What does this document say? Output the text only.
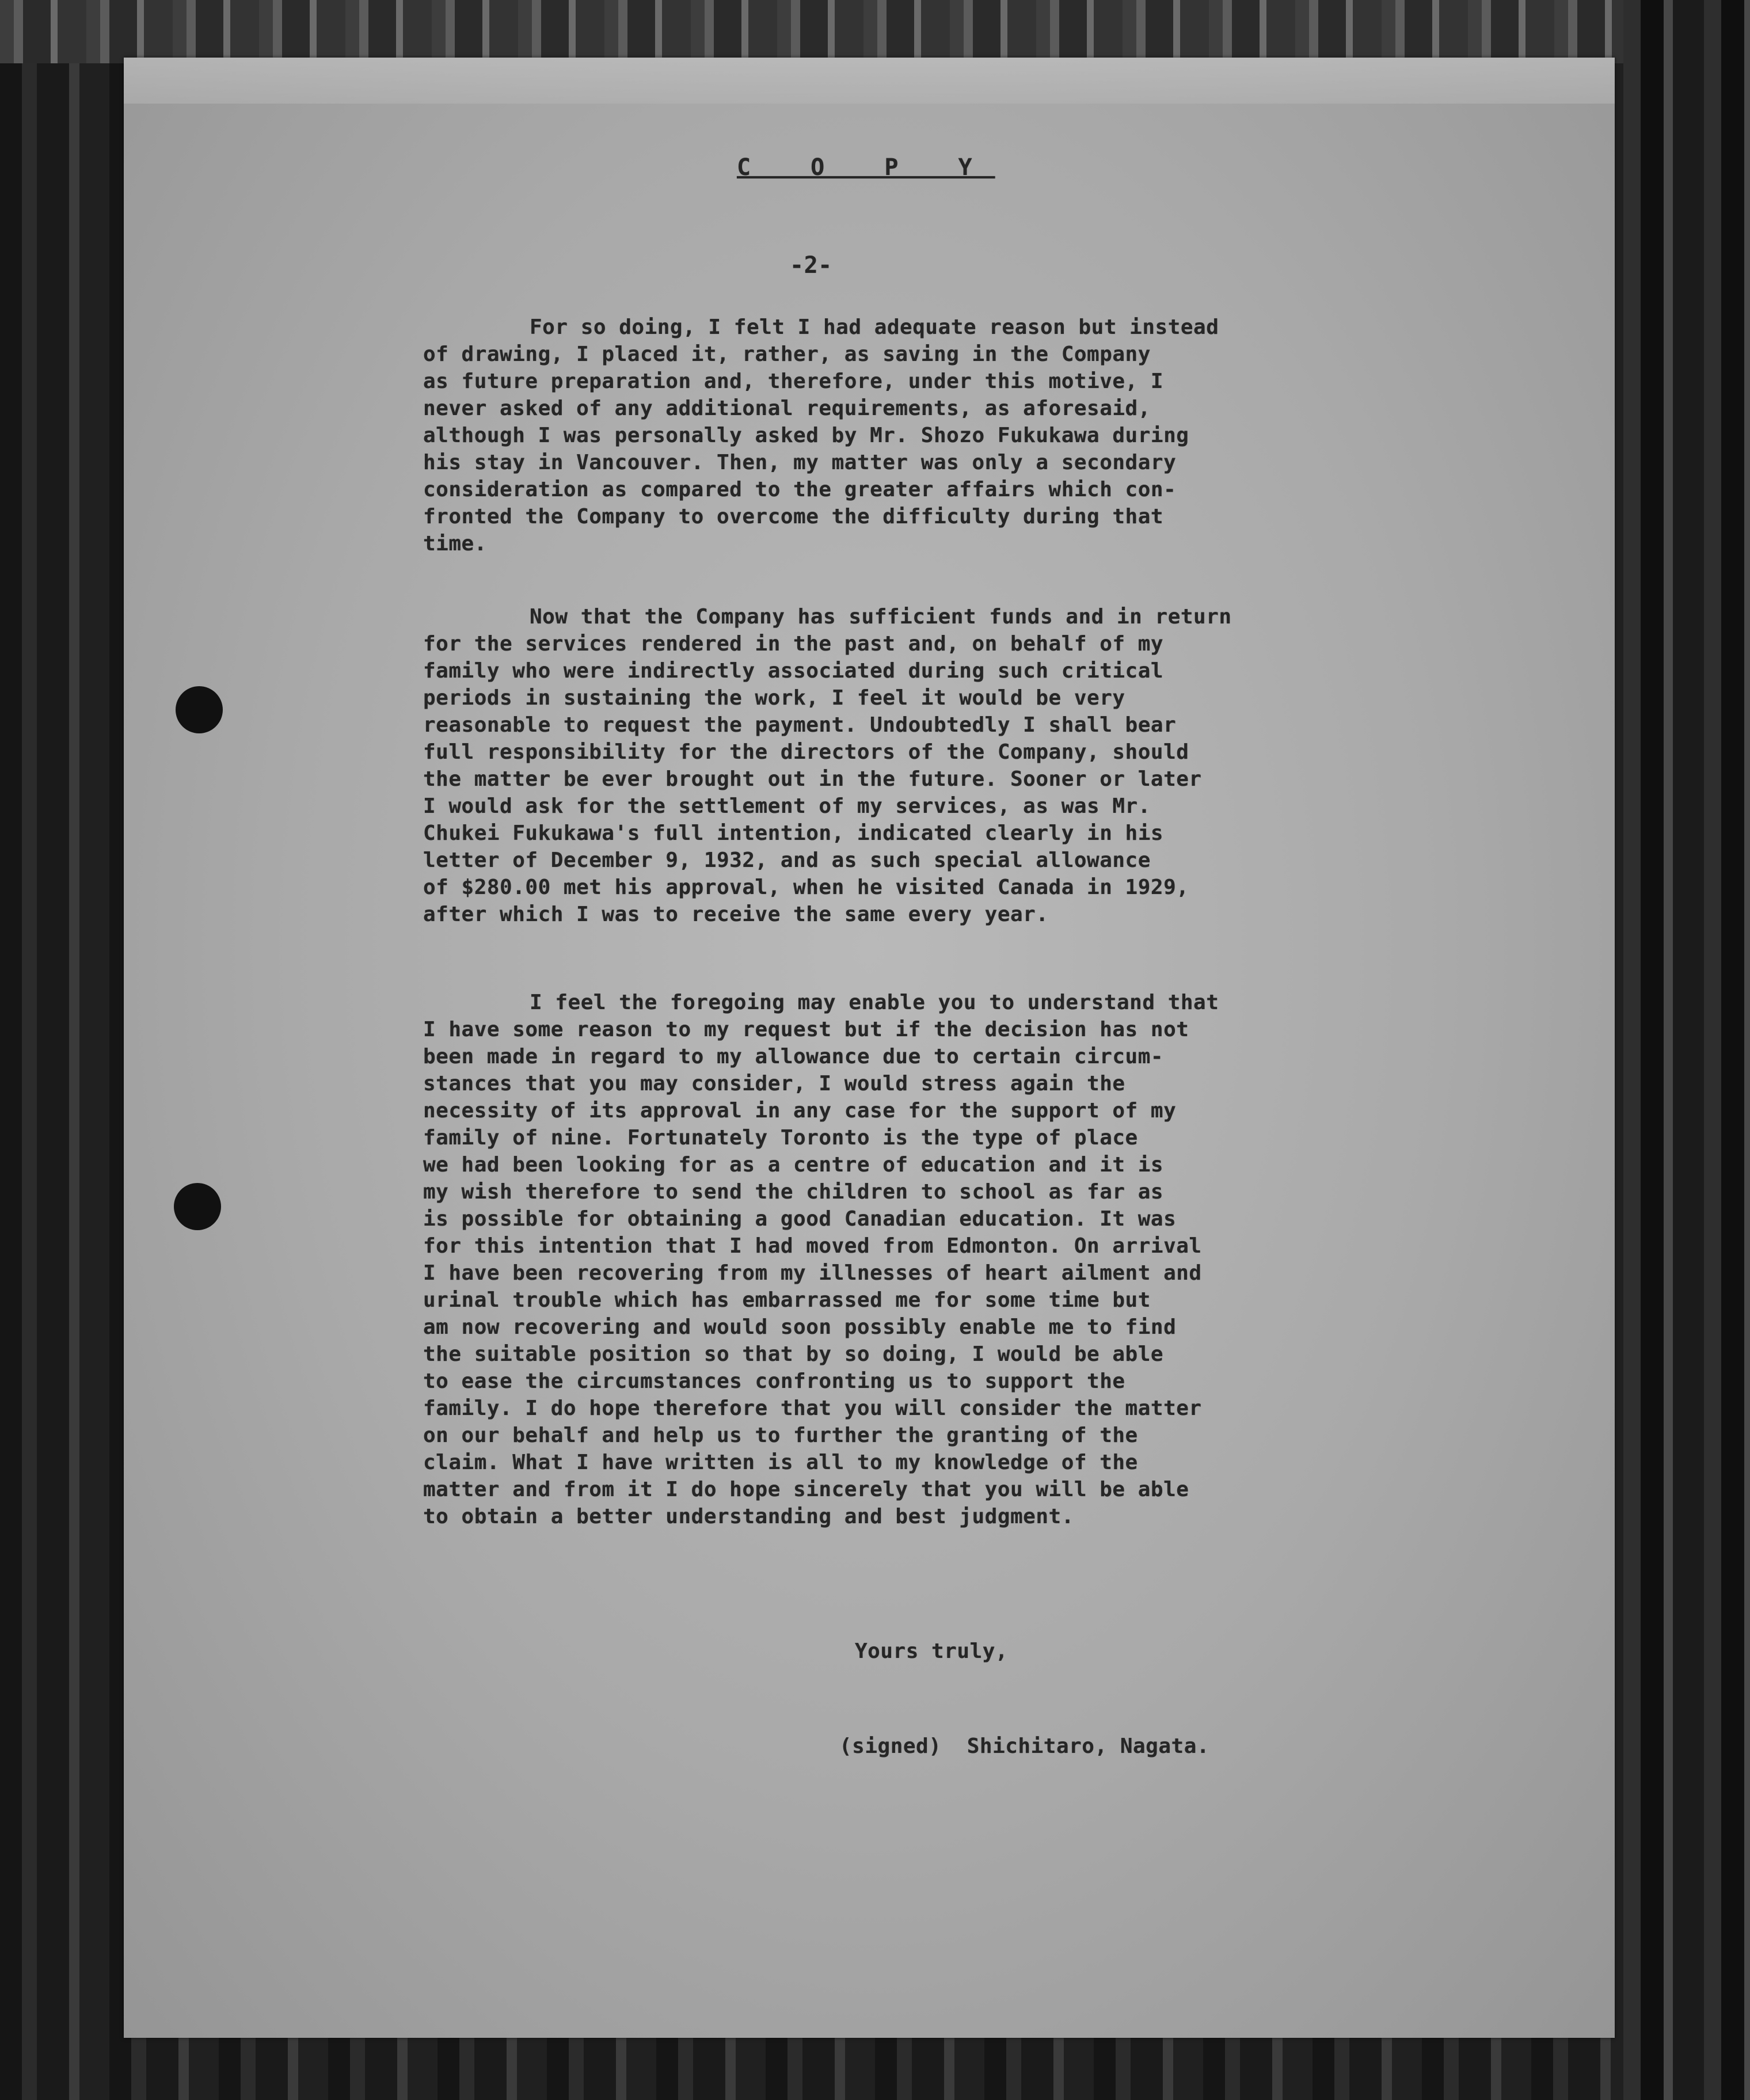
C O P Y
-2-
For so doing, I felt I had adequate reason but instead
of drawing, I placed it, rather, as saving in the Company
as future preparation and, therefore, under this motive, I
never asked of any additional requirements, as aforesaid,
although I was personally asked by Mr. Shozo Fukukawa during
his stay in Vancouver. Then, my matter was only a secondary
consideration as compared to the greater affairs which con-
fronted the Company to overcome the difficulty during that
time.
Now that the Company has sufficient funds and in return
for the services rendered in the past and, on behalf of my
family who were indirectly associated during such critical
periods in sustaining the work, I feel it would be very
reasonable to request the payment. Undoubtedly I shall bear
full responsibility for the directors of the Company, should
the matter be ever brought out in the future. Sooner or later
I would ask for the settlement of my services, as was Mr.
Chukei Fukukawa's full intention, indicated clearly in his
letter of December 9, 1932, and as such special allowance
of $280.00 met his approval, when he visited Canada in 1929,
after which I was to receive the same every year.
I feel the foregoing may enable you to understand that
I have some reason to my request but if the decision has not
been made in regard to my allowance due to certain circum-
stances that you may consider, I would stress again the
necessity of its approval in any case for the support of my
family of nine. Fortunately Toronto is the type of place
we had been looking for as a centre of education and it is
my wish therefore to send the children to school as far as
is possible for obtaining a good Canadian education. It was
for this intention that I had moved from Edmonton. On arrival
I have been recovering from my illnesses of heart ailment and
urinal trouble which has embarrassed me for some time but
am now recovering and would soon possibly enable me to find
the suitable position so that by so doing, I would be able
to ease the circumstances confronting us to support the
family. I do hope therefore that you will consider the matter
on our behalf and help us to further the granting of the
claim. What I have written is all to my knowledge of the
matter and from it I do hope sincerely that you will be able
to obtain a better understanding and best judgment.
Yours truly,
(signed)  Shichitaro, Nagata.
